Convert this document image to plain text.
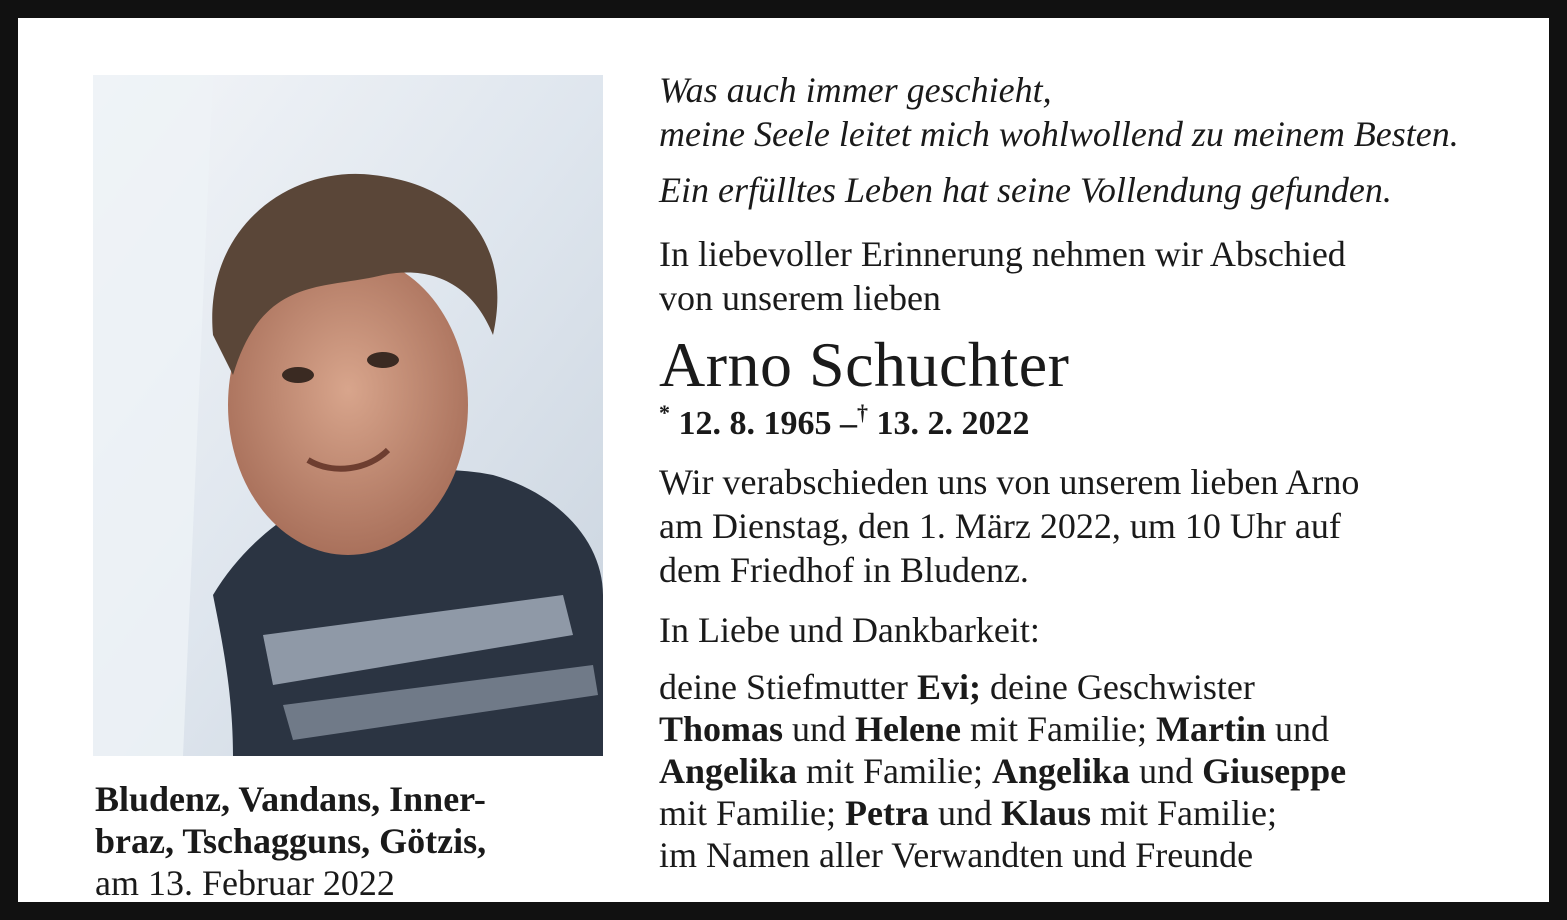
Bludenz, Vandans, Inner-
braz, Tschagguns, Götzis,
am 13. Februar 2022
Was auch immer geschieht,
meine Seele leitet mich wohlwollend zu meinem Besten.
Ein erfülltes Leben hat seine Vollendung gefunden.
In liebevoller Erinnerung nehmen wir Abschied
von unserem lieben
Arno Schuchter
* 12. 8. 1965 –† 13. 2. 2022
Wir verabschieden uns von unserem lieben Arno
am Dienstag, den 1. März 2022, um 10 Uhr auf
dem Friedhof in Bludenz.
In Liebe und Dankbarkeit:
deine Stiefmutter Evi; deine Geschwister
Thomas und Helene mit Familie; Martin und
Angelika mit Familie; Angelika und Giuseppe
mit Familie; Petra und Klaus mit Familie;
im Namen aller Verwandten und Freunde
